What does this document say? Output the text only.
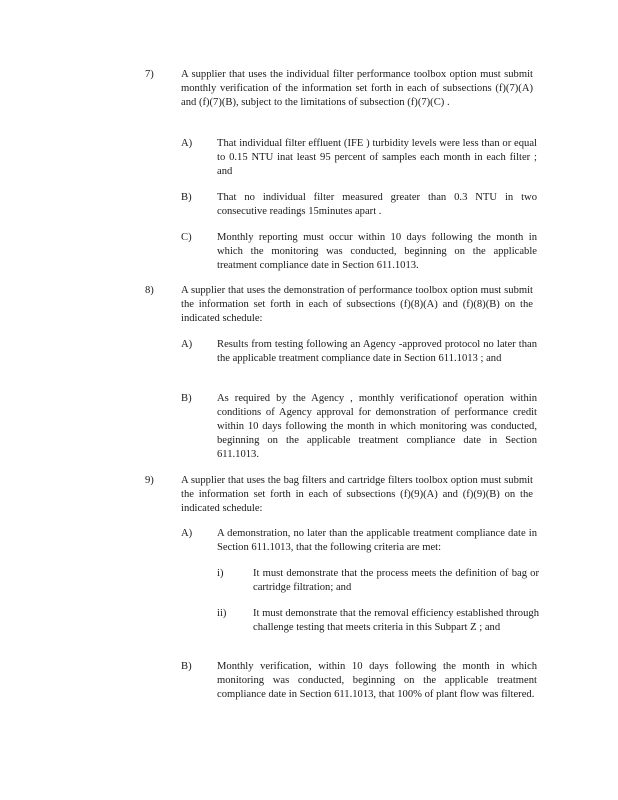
7)	A supplier that uses the individual filter performance toolbox option must submit monthly verification of the information set forth in each of subsections (f)(7)(A) and (f)(7)(B), subject to the limitations of subsection (f)(7)(C) .
A) That individual filter effluent (IFE ) turbidity levels were less than or equal to 0.15 NTU inat least 95 percent of samples each month in each filter ; and
B) That no individual filter measured greater than 0.3 NTU in two consecutive readings 15minutes apart .
C) Monthly reporting must occur within 10 days following the month in which the monitoring was conducted, beginning on the applicable treatment compliance date in Section 611.1013.
8)	A supplier that uses the demonstration of performance toolbox option must submit the information set forth in each of subsections (f)(8)(A) and (f)(8)(B) on the indicated schedule:
A) Results from testing following an Agency -approved protocol no later than the applicable treatment compliance date in Section 611.1013 ; and
B) As required by the Agency , monthly verificationof operation within conditions of Agency approval for demonstration of performance credit within 10 days following the month in which monitoring was conducted, beginning on the applicable treatment compliance date in Section 611.1013.
9)	A supplier that uses the bag filters and cartridge filters toolbox option must submit the information set forth in each of subsections (f)(9)(A) and (f)(9)(B) on the indicated schedule:
A) A demonstration, no later than the applicable treatment compliance date in Section 611.1013, that the following criteria are met:
i)	It must demonstrate that the process meets the definition of bag or cartridge filtration; and
ii)	It must demonstrate that the removal efficiency established through challenge testing that meets criteria in this Subpart Z ; and
B) Monthly verification, within 10 days following the month in which monitoring was conducted, beginning on the applicable treatment compliance date in Section 611.1013, that 100% of plant flow was filtered.
